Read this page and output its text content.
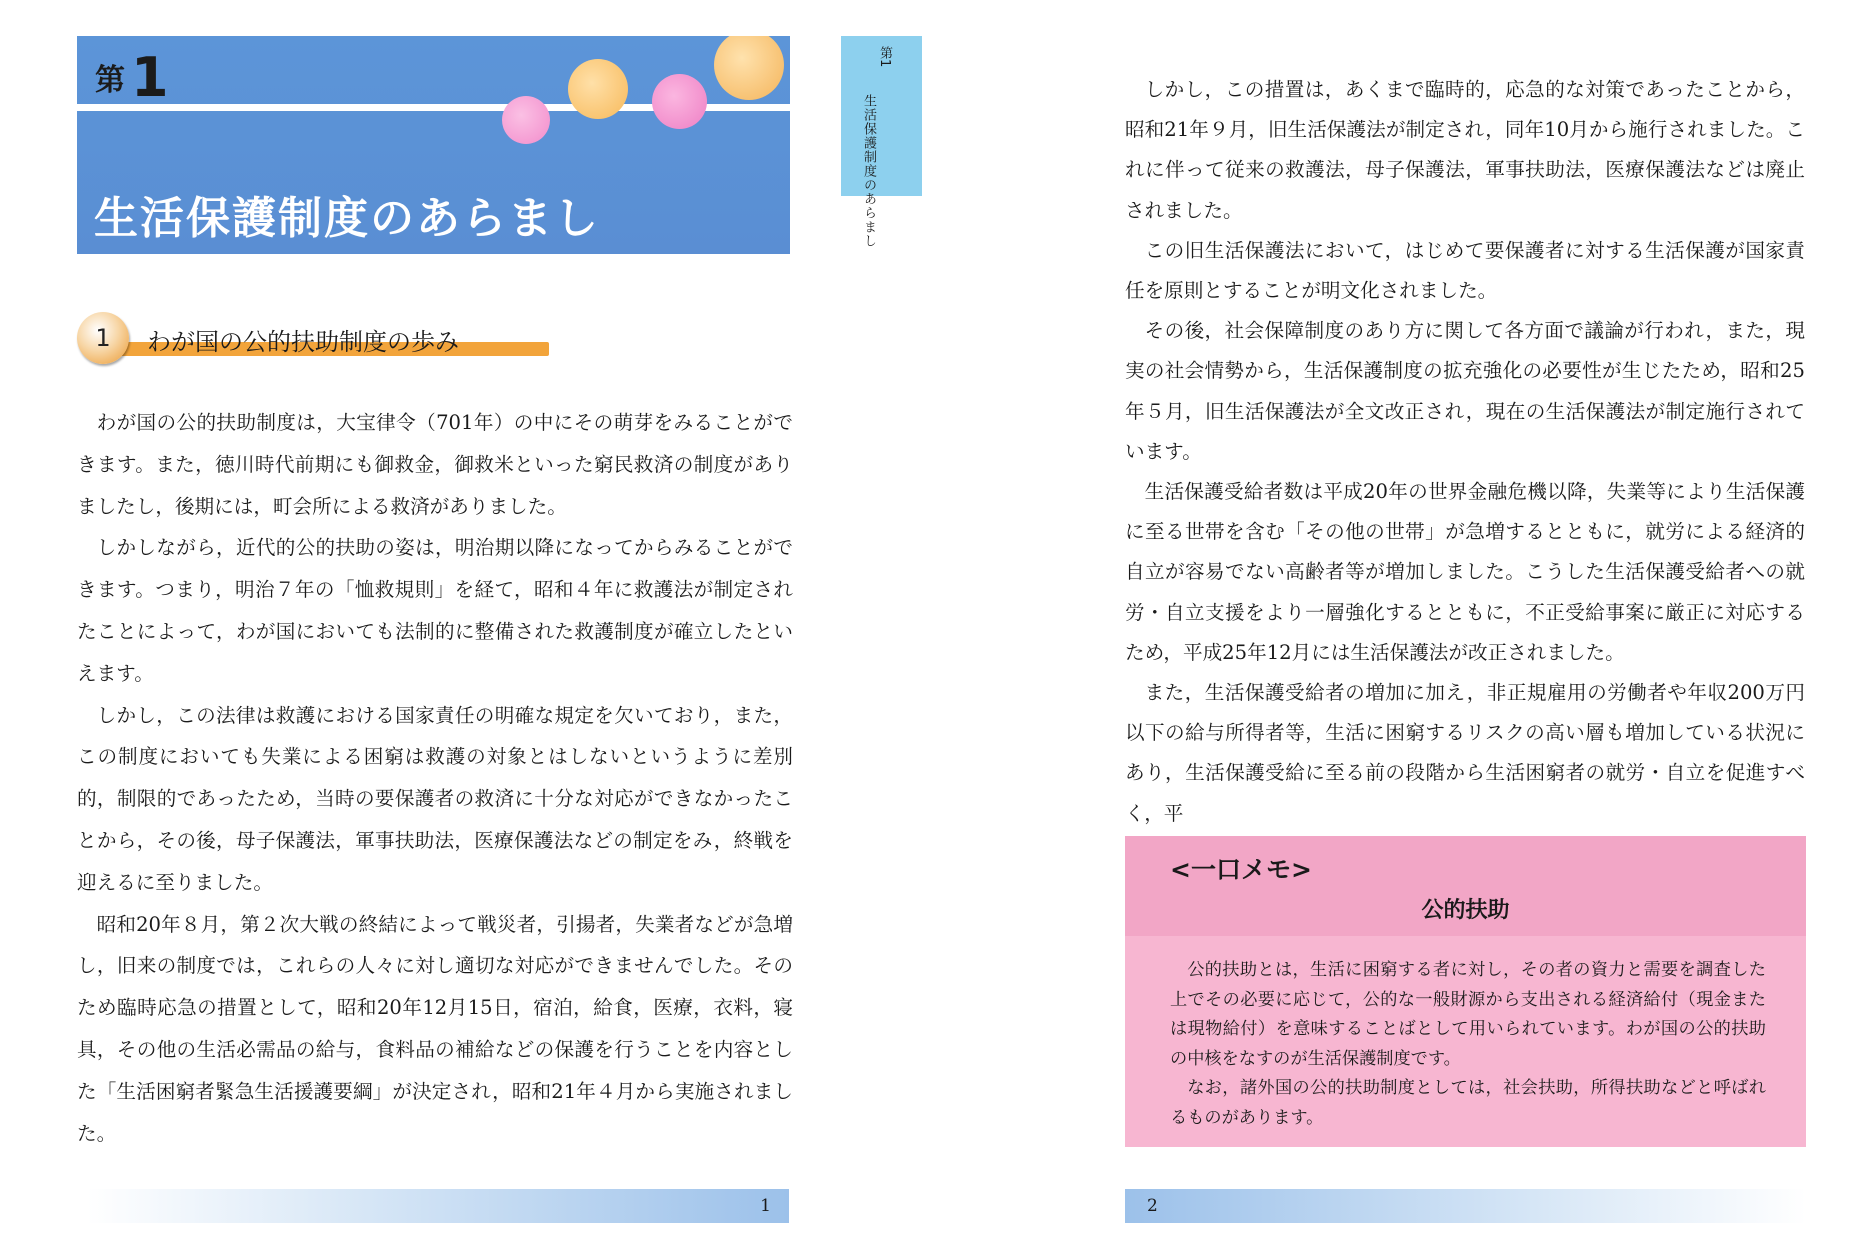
第 1
生活保護制度のあらまし
第1
生活保護制度のあらまし
1	わが国の公的扶助制度の歩み

わが国の公的扶助制度は，大宝律令（701年）の中にその萌芽をみることができます。また，徳川時代前期にも御救金，御救米といった窮民救済の制度がありましたし，後期には，町会所による救済がありました。

しかしながら，近代的公的扶助の姿は，明治期以降になってからみることができます。つまり，明治７年の「恤救規則」を経て，昭和４年に救護法が制定されたことによって，わが国においても法制的に整備された救護制度が確立したといえます。

しかし，この法律は救護における国家責任の明確な規定を欠いており，また，この制度においても失業による困窮は救護の対象とはしないというように差別的，制限的であったため，当時の要保護者の救済に十分な対応ができなかったことから，その後，母子保護法，軍事扶助法，医療保護法などの制定をみ，終戦を迎えるに至りました。

昭和20年８月，第２次大戦の終結によって戦災者，引揚者，失業者などが急増し，旧来の制度では，これらの人々に対し適切な対応ができませんでした。そのため臨時応急の措置として，昭和20年12月15日，宿泊，給食，医療，衣料，寝具，その他の生活必需品の給与，食料品の補給などの保護を行うことを内容とした「生活困窮者緊急生活援護要綱」が決定され，昭和21年４月から実施されました。

1

しかし，この措置は，あくまで臨時的，応急的な対策であったことから，昭和21年９月，旧生活保護法が制定され，同年10月から施行されました。これに伴って従来の救護法，母子保護法，軍事扶助法，医療保護法などは廃止されました。

この旧生活保護法において，はじめて要保護者に対する生活保護が国家責任を原則とすることが明文化されました。

その後，社会保障制度のあり方に関して各方面で議論が行われ，また，現実の社会情勢から，生活保護制度の拡充強化の必要性が生じたため，昭和25年５月，旧生活保護法が全文改正され，現在の生活保護法が制定施行されています。

生活保護受給者数は平成20年の世界金融危機以降，失業等により生活保護に至る世帯を含む「その他の世帯」が急増するとともに，就労による経済的自立が容易でない高齢者等が増加しました。こうした生活保護受給者への就労・自立支援をより一層強化するとともに，不正受給事案に厳正に対応するため，平成25年12月には生活保護法が改正されました。

また，生活保護受給者の増加に加え，非正規雇用の労働者や年収200万円以下の給与所得者等，生活に困窮するリスクの高い層も増加している状況にあり，生活保護受給に至る前の段階から生活困窮者の就労・自立を促進すべく，平

<一口メモ>
公的扶助

公的扶助とは，生活に困窮する者に対し，その者の資力と需要を調査した上でその必要に応じて，公的な一般財源から支出される経済給付（現金または現物給付）を意味することばとして用いられています。わが国の公的扶助の中核をなすのが生活保護制度です。

なお，諸外国の公的扶助制度としては，社会扶助，所得扶助などと呼ばれるものがあります。

2
